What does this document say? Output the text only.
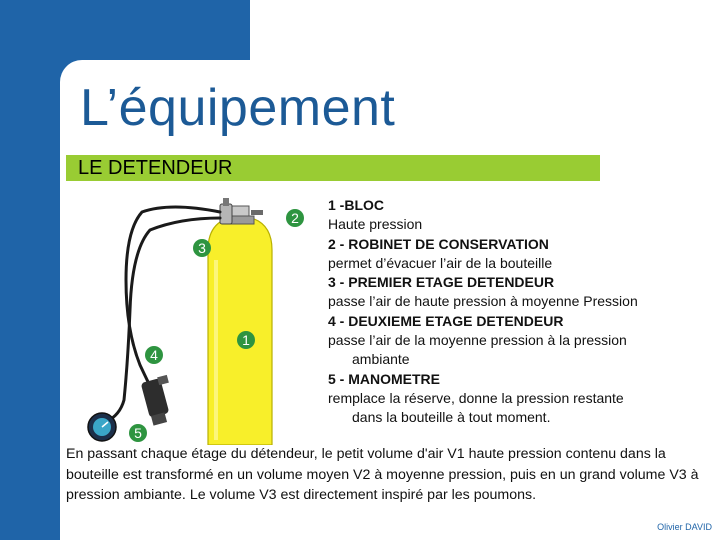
L’équipement
LE DETENDEUR
1
2
3
4
5
1 -BLOC
Haute pression
2 - ROBINET DE CONSERVATION
permet d’évacuer l’air de la bouteille
3 - PREMIER ETAGE DETENDEUR
passe l’air de haute pression à moyenne Pression
4 - DEUXIEME ETAGE DETENDEUR
passe l’air de la moyenne pression à la pression
ambiante
5 - MANOMETRE
remplace la réserve, donne la pression restante
dans la bouteille à tout moment.
En passant chaque étage du détendeur, le petit volume d'air V1 haute pression contenu dans la bouteille est transformé en un volume moyen V2 à moyenne pression, puis en un grand volume V3 à pression ambiante. Le volume V3 est directement inspiré par les poumons.
Olivier DAVID
